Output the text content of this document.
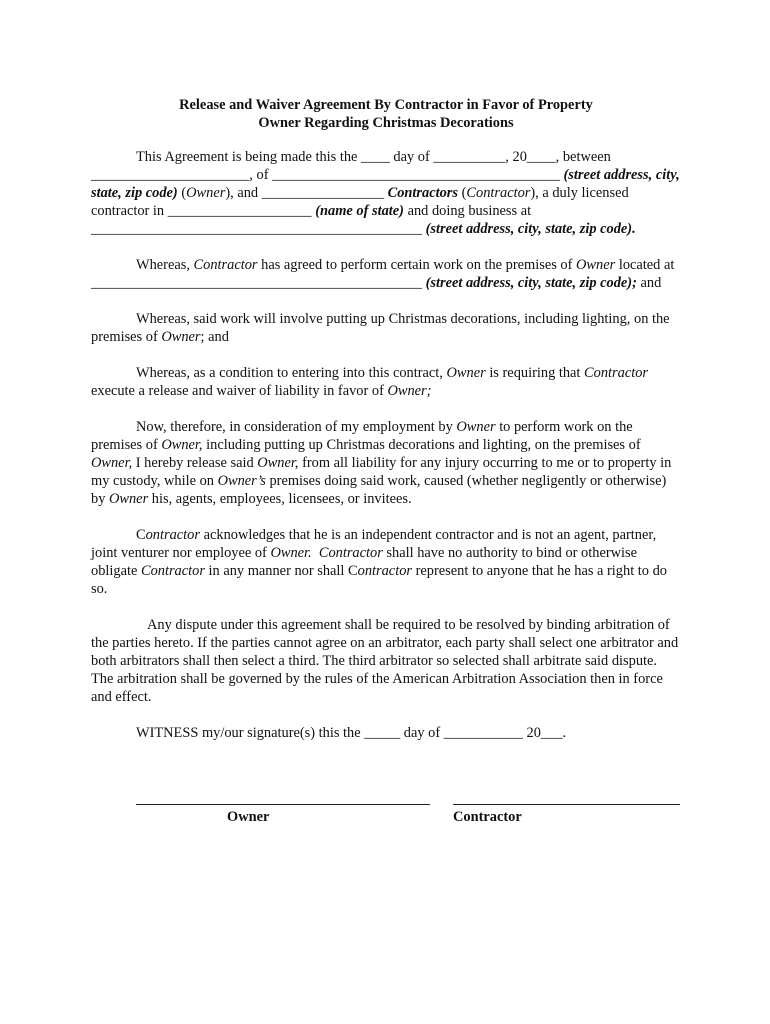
Release and Waiver Agreement By Contractor in Favor of Property

Owner Regarding Christmas Decorations

This Agreement is being made this the ____ day of __________, 20____, between ______________________, of ________________________________________ (street address, city, state, zip code) (Owner), and _________________ Contractors (Contractor), a duly licensed contractor in ____________________ (name of state) and doing business at ______________________________________________ (street address, city, state, zip code).

Whereas, Contractor has agreed to perform certain work on the premises of Owner located at ______________________________________________ (street address, city, state, zip code); and

Whereas, said work will involve putting up Christmas decorations, including lighting, on the premises of Owner; and

Whereas, as a condition to entering into this contract, Owner is requiring that Contractor execute a release and waiver of liability in favor of Owner;

Now, therefore, in consideration of my employment by Owner to perform work on the premises of Owner, including putting up Christmas decorations and lighting, on the premises of Owner, I hereby release said Owner, from all liability for any injury occurring to me or to property in my custody, while on Owner’s premises doing said work, caused (whether negligently or otherwise) by Owner his, agents, employees, licensees, or invitees.

Contractor acknowledges that he is an independent contractor and is not an agent, partner, joint venturer nor employee of Owner. Contractor shall have no authority to bind or otherwise obligate Contractor in any manner nor shall Contractor represent to anyone that he has a right to do so.

Any dispute under this agreement shall be required to be resolved by binding arbitration of the parties hereto. If the parties cannot agree on an arbitrator, each party shall select one arbitrator and both arbitrators shall then select a third. The third arbitrator so selected shall arbitrate said dispute. The arbitration shall be governed by the rules of the American Arbitration Association then in force and effect.

WITNESS my/our signature(s) this the _____ day of ___________ 20___.

Owner	Contractor
